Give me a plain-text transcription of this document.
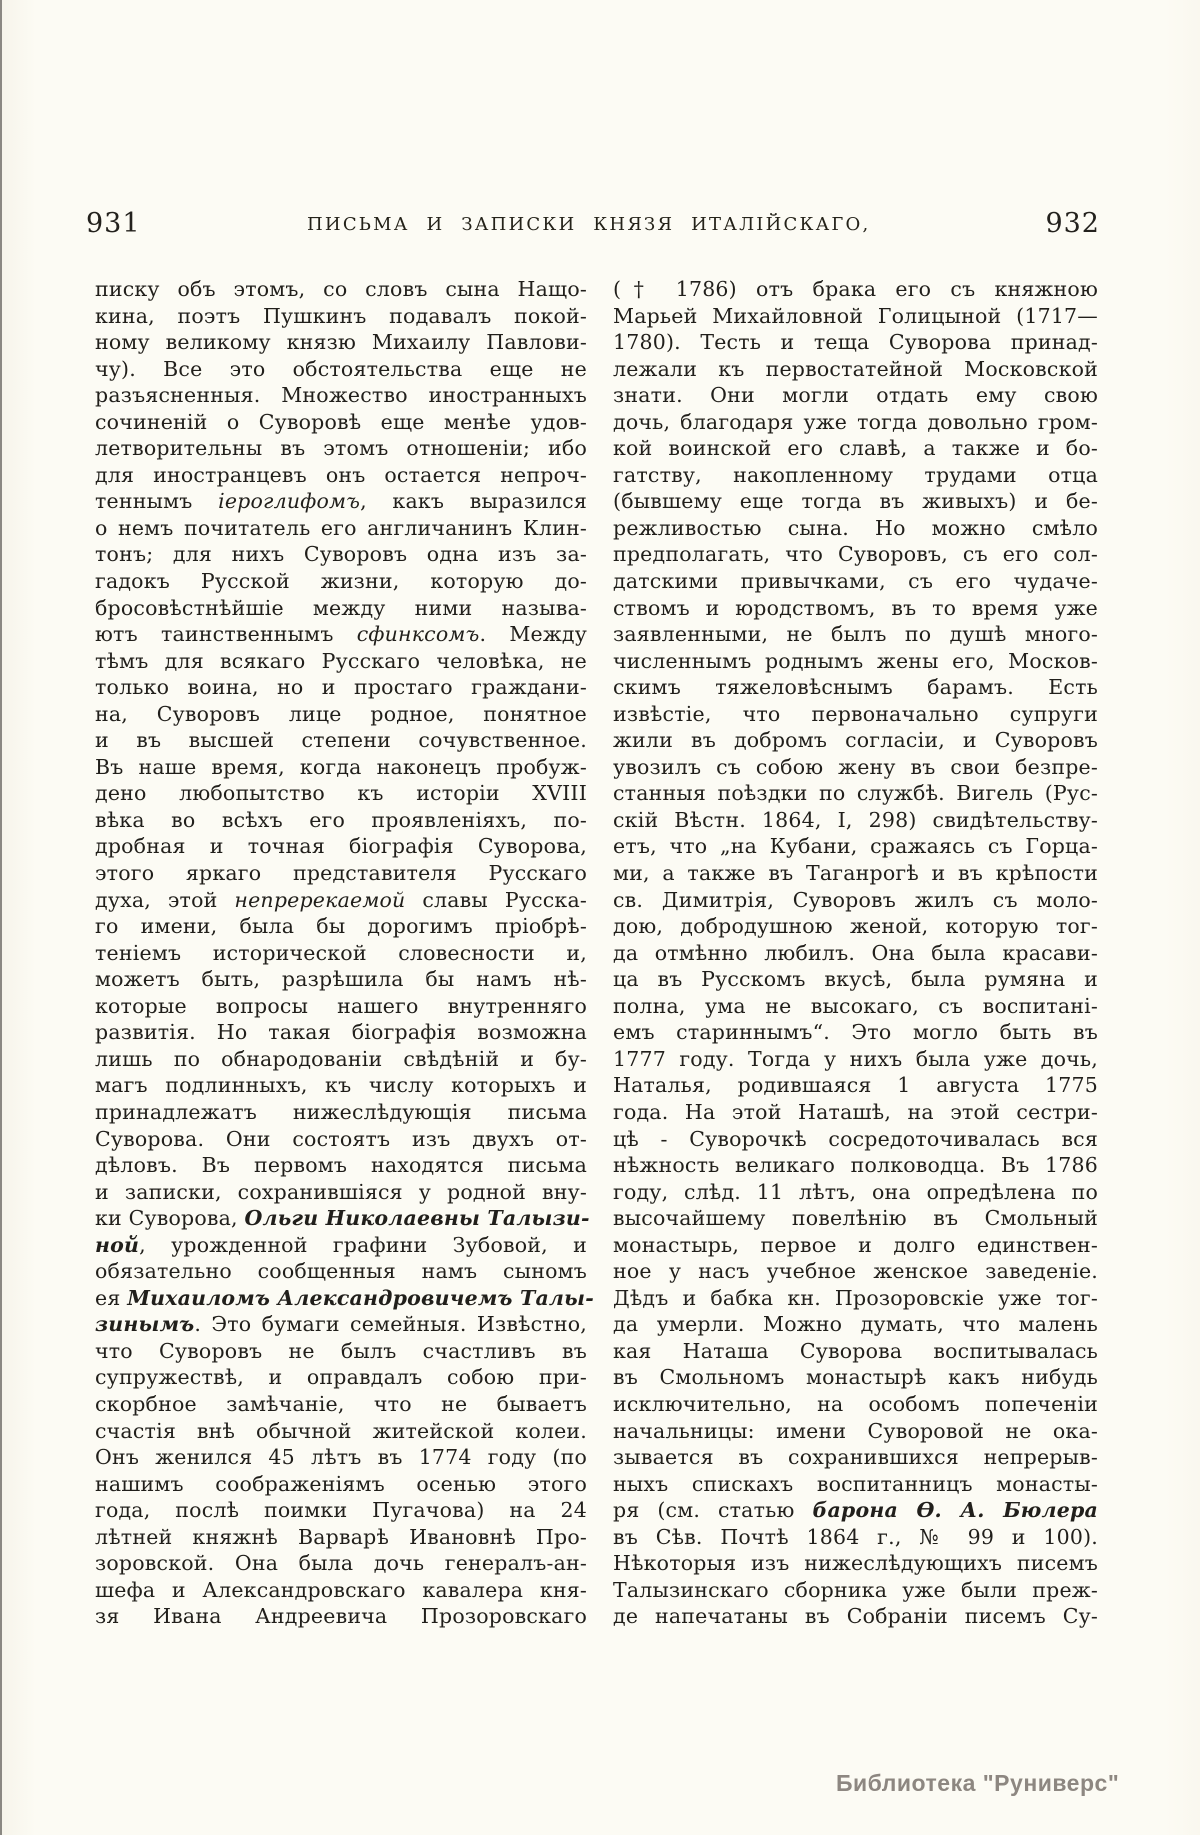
931	ПИСЬМА И ЗАПИСКИ КНЯЗЯ ИТАЛІЙСКАГО,	932
писку объ этомъ, со словъ сына Нащо-
кина, поэтъ Пушкинъ подавалъ покой-
ному великому князю Михаилу Павлови-
чу). Все это обстоятельства еще не
разъясненныя. Множество иностранныхъ
сочиненій о Суворовѣ еще менѣе удов-
летворительны въ этомъ отношеніи; ибо
для иностранцевъ онъ остается непроч-
теннымъ іероглифомъ, какъ выразился
о немъ почитатель его англичанинъ Клин-
тонъ; для нихъ Суворовъ одна изъ за-
гадокъ Русской жизни, которую до-
бросовѣстнѣйшіе между ними называ-
ютъ таинственнымъ сфинксомъ. Между
тѣмъ для всякаго Русскаго человѣка, не
только воина, но и простаго граждани-
на, Суворовъ лице родное, понятное
и въ высшей степени сочувственное.
Въ наше время, когда наконецъ пробуж-
дено любопытство къ исторіи XVIII
вѣка во всѣхъ его проявленіяхъ, по-
дробная и точная біографія Суворова,
этого яркаго представителя Русскаго
духа, этой непререкаемой славы Русска-
го имени, была бы дорогимъ пріобрѣ-
теніемъ исторической словесности и,
можетъ быть, разрѣшила бы намъ нѣ-
которые вопросы нашего внутренняго
развитія. Но такая біографія возможна
лишь по обнародованіи свѣдѣній и бу-
магъ подлинныхъ, къ числу которыхъ и
принадлежатъ нижеслѣдующія письма
Суворова. Они состоятъ изъ двухъ от-
дѣловъ. Въ первомъ находятся письма
и записки, сохранившіяся у родной вну-
ки Суворова, Ольги Николаевны Талызи-
ной, урожденной графини Зубовой, и
обязательно сообщенныя намъ сыномъ
ея Михаиломъ Александровичемъ Талы-
зинымъ. Это бумаги семейныя. Извѣстно,
что Суворовъ не былъ счастливъ въ
супружествѣ, и оправдалъ собою при-
скорбное замѣчаніе, что не бываетъ
счастія внѣ обычной житейской колеи.
Онъ женился 45 лѣтъ въ 1774 году (по
нашимъ соображеніямъ осенью этого
года, послѣ поимки Пугачова) на 24
лѣтней княжнѣ Варварѣ Ивановнѣ Про-
зоровской. Она была дочь генералъ-ан-
шефа и Александровскаго кавалера кня-
зя Ивана Андреевича Прозоровскаго
(† 1786) отъ брака его съ княжною
Марьей Михайловной Голицыной (1717—
1780). Тесть и теща Суворова принад-
лежали къ первостатейной Московской
знати. Они могли отдать ему свою
дочь, благодаря уже тогда довольно гром-
кой воинской его славѣ, а также и бо-
гатству, накопленному трудами отца
(бывшему еще тогда въ живыхъ) и бе-
режливостью сына. Но можно смѣло
предполагать, что Суворовъ, съ его сол-
датскими привычками, съ его чудаче-
ствомъ и юродствомъ, въ то время уже
заявленными, не былъ по душѣ много-
численнымъ роднымъ жены его, Москов-
скимъ тяжеловѣснымъ барамъ. Есть
извѣстіе, что первоначально супруги
жили въ добромъ согласіи, и Суворовъ
увозилъ съ собою жену въ свои безпре-
станныя поѣздки по службѣ. Вигель (Рус-
скій Вѣстн. 1864, I, 298) свидѣтельству-
етъ, что „на Кубани, сражаясь съ Горца-
ми, а также въ Таганрогѣ и въ крѣпости
св. Димитрія, Суворовъ жилъ съ моло-
дою, добродушною женой, которую тог-
да отмѣнно любилъ. Она была красави-
ца въ Русскомъ вкусѣ, была румяна и
полна, ума не высокаго, съ воспитані-
емъ стариннымъ“. Это могло быть въ
1777 году. Тогда у нихъ была уже дочь,
Наталья, родившаяся 1 августа 1775
года. На этой Наташѣ, на этой сестри-
цѣ - Суворочкѣ сосредоточивалась вся
нѣжность великаго полководца. Въ 1786
году, слѣд. 11 лѣтъ, она опредѣлена по
высочайшему повелѣнію въ Смольный
монастырь, первое и долго единствен-
ное у насъ учебное женское заведеніе.
Дѣдъ и бабка кн. Прозоровскіе уже тог-
да умерли. Можно думать, что малень
кая Наташа Суворова воспитывалась
въ Смольномъ монастырѣ какъ нибудь
исключительно, на особомъ попеченіи
начальницы: имени Суворовой не ока-
зывается въ сохранившихся непрерыв-
ныхъ спискахъ воспитанницъ монасты-
ря (см. статью барона Ѳ. А. Бюлера
въ Сѣв. Почтѣ 1864 г., № 99 и 100).
Нѣкоторыя изъ нижеслѣдующихъ писемъ
Талызинскаго сборника уже были преж-
де напечатаны въ Собраніи писемъ Су-
Библиотека "Руниверс"
